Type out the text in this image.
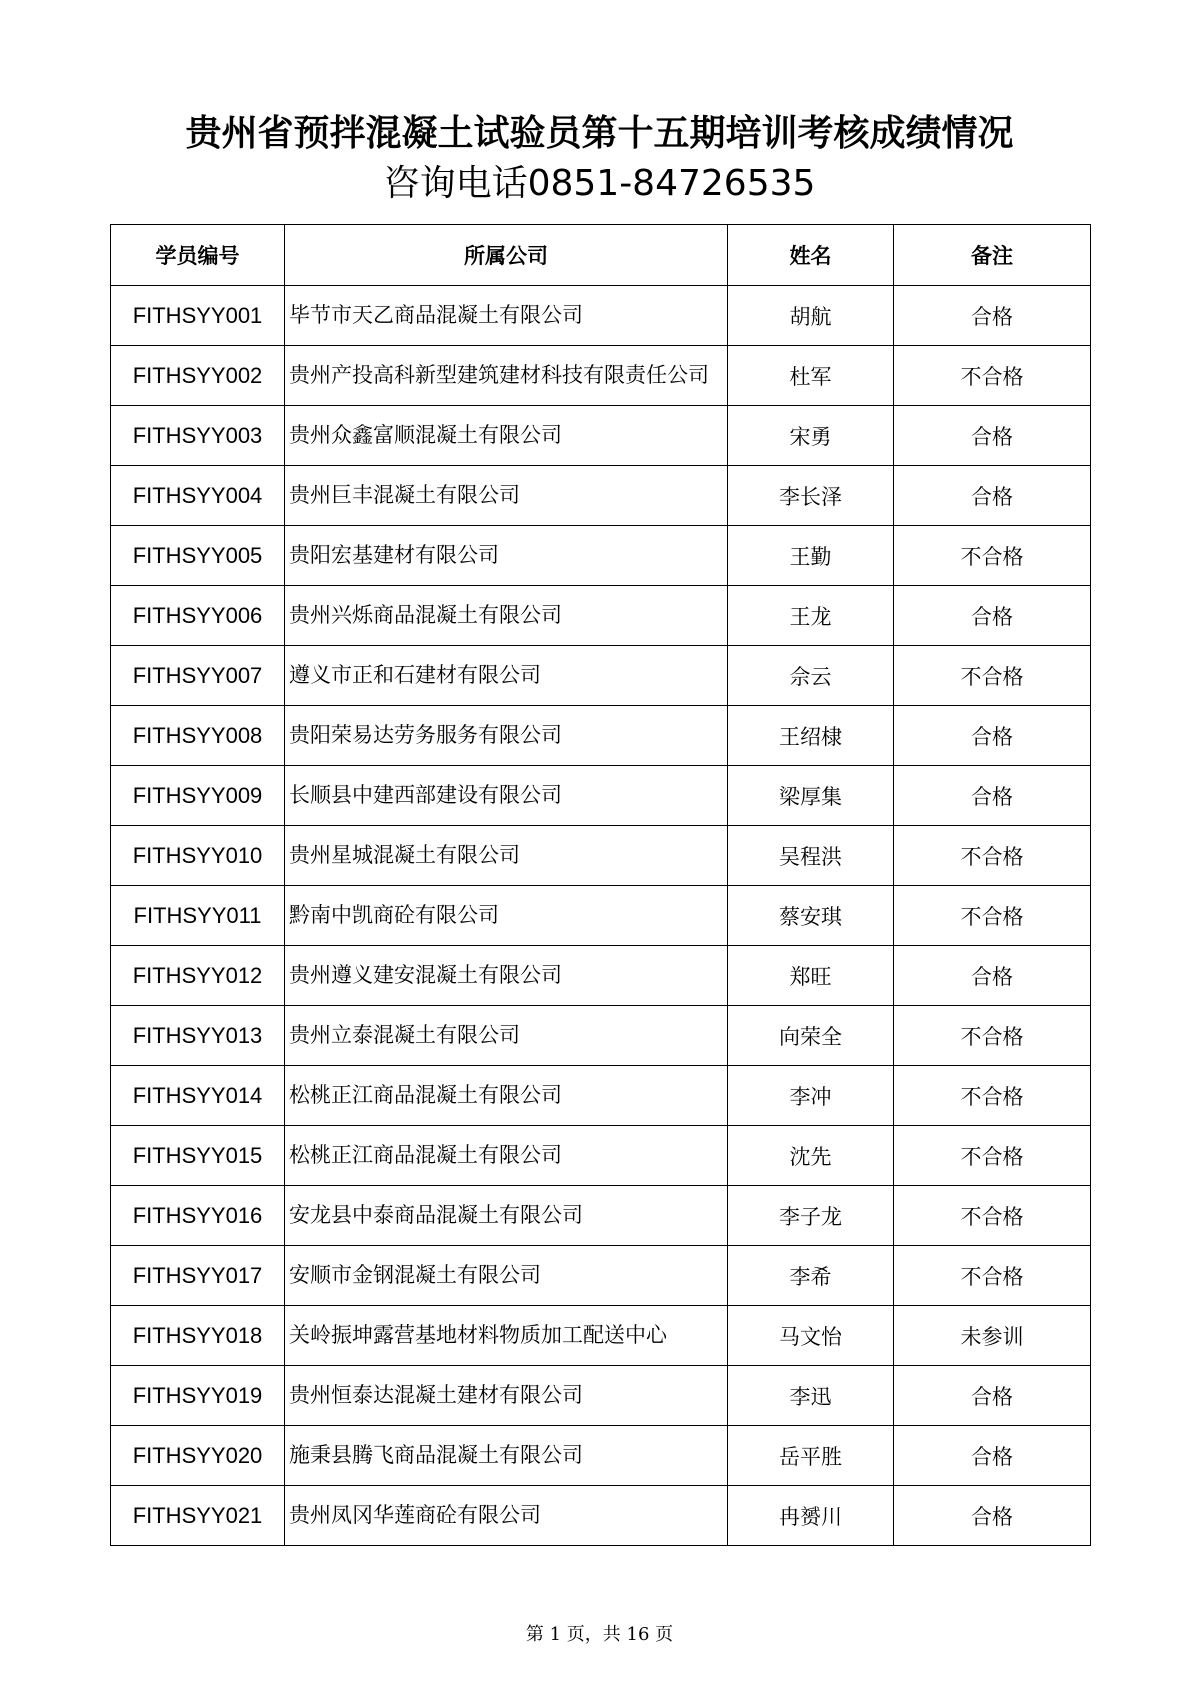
贵州省预拌混凝土试验员第十五期培训考核成绩情况
咨询电话0851-84726535
学员编号	所属公司	姓名	备注
FITHSYY001	毕节市天乙商品混凝土有限公司	胡航	合格
FITHSYY002	贵州产投高科新型建筑建材科技有限责任公司	杜军	不合格
FITHSYY003	贵州众鑫富顺混凝土有限公司	宋勇	合格
FITHSYY004	贵州巨丰混凝土有限公司	李长泽	合格
FITHSYY005	贵阳宏基建材有限公司	王勤	不合格
FITHSYY006	贵州兴烁商品混凝土有限公司	王龙	合格
FITHSYY007	遵义市正和石建材有限公司	佘云	不合格
FITHSYY008	贵阳荣易达劳务服务有限公司	王绍棣	合格
FITHSYY009	长顺县中建西部建设有限公司	梁厚集	合格
FITHSYY010	贵州星城混凝土有限公司	吴程洪	不合格
FITHSYY011	黔南中凯商砼有限公司	蔡安琪	不合格
FITHSYY012	贵州遵义建安混凝土有限公司	郑旺	合格
FITHSYY013	贵州立泰混凝土有限公司	向荣全	不合格
FITHSYY014	松桃正江商品混凝土有限公司	李冲	不合格
FITHSYY015	松桃正江商品混凝土有限公司	沈先	不合格
FITHSYY016	安龙县中泰商品混凝土有限公司	李子龙	不合格
FITHSYY017	安顺市金钢混凝土有限公司	李希	不合格
FITHSYY018	关岭振坤露营基地材料物质加工配送中心	马文怡	未参训
FITHSYY019	贵州恒泰达混凝土建材有限公司	李迅	合格
FITHSYY020	施秉县腾飞商品混凝土有限公司	岳平胜	合格
FITHSYY021	贵州凤冈华莲商砼有限公司	冉赟川	合格
第 1 页，共 16 页
